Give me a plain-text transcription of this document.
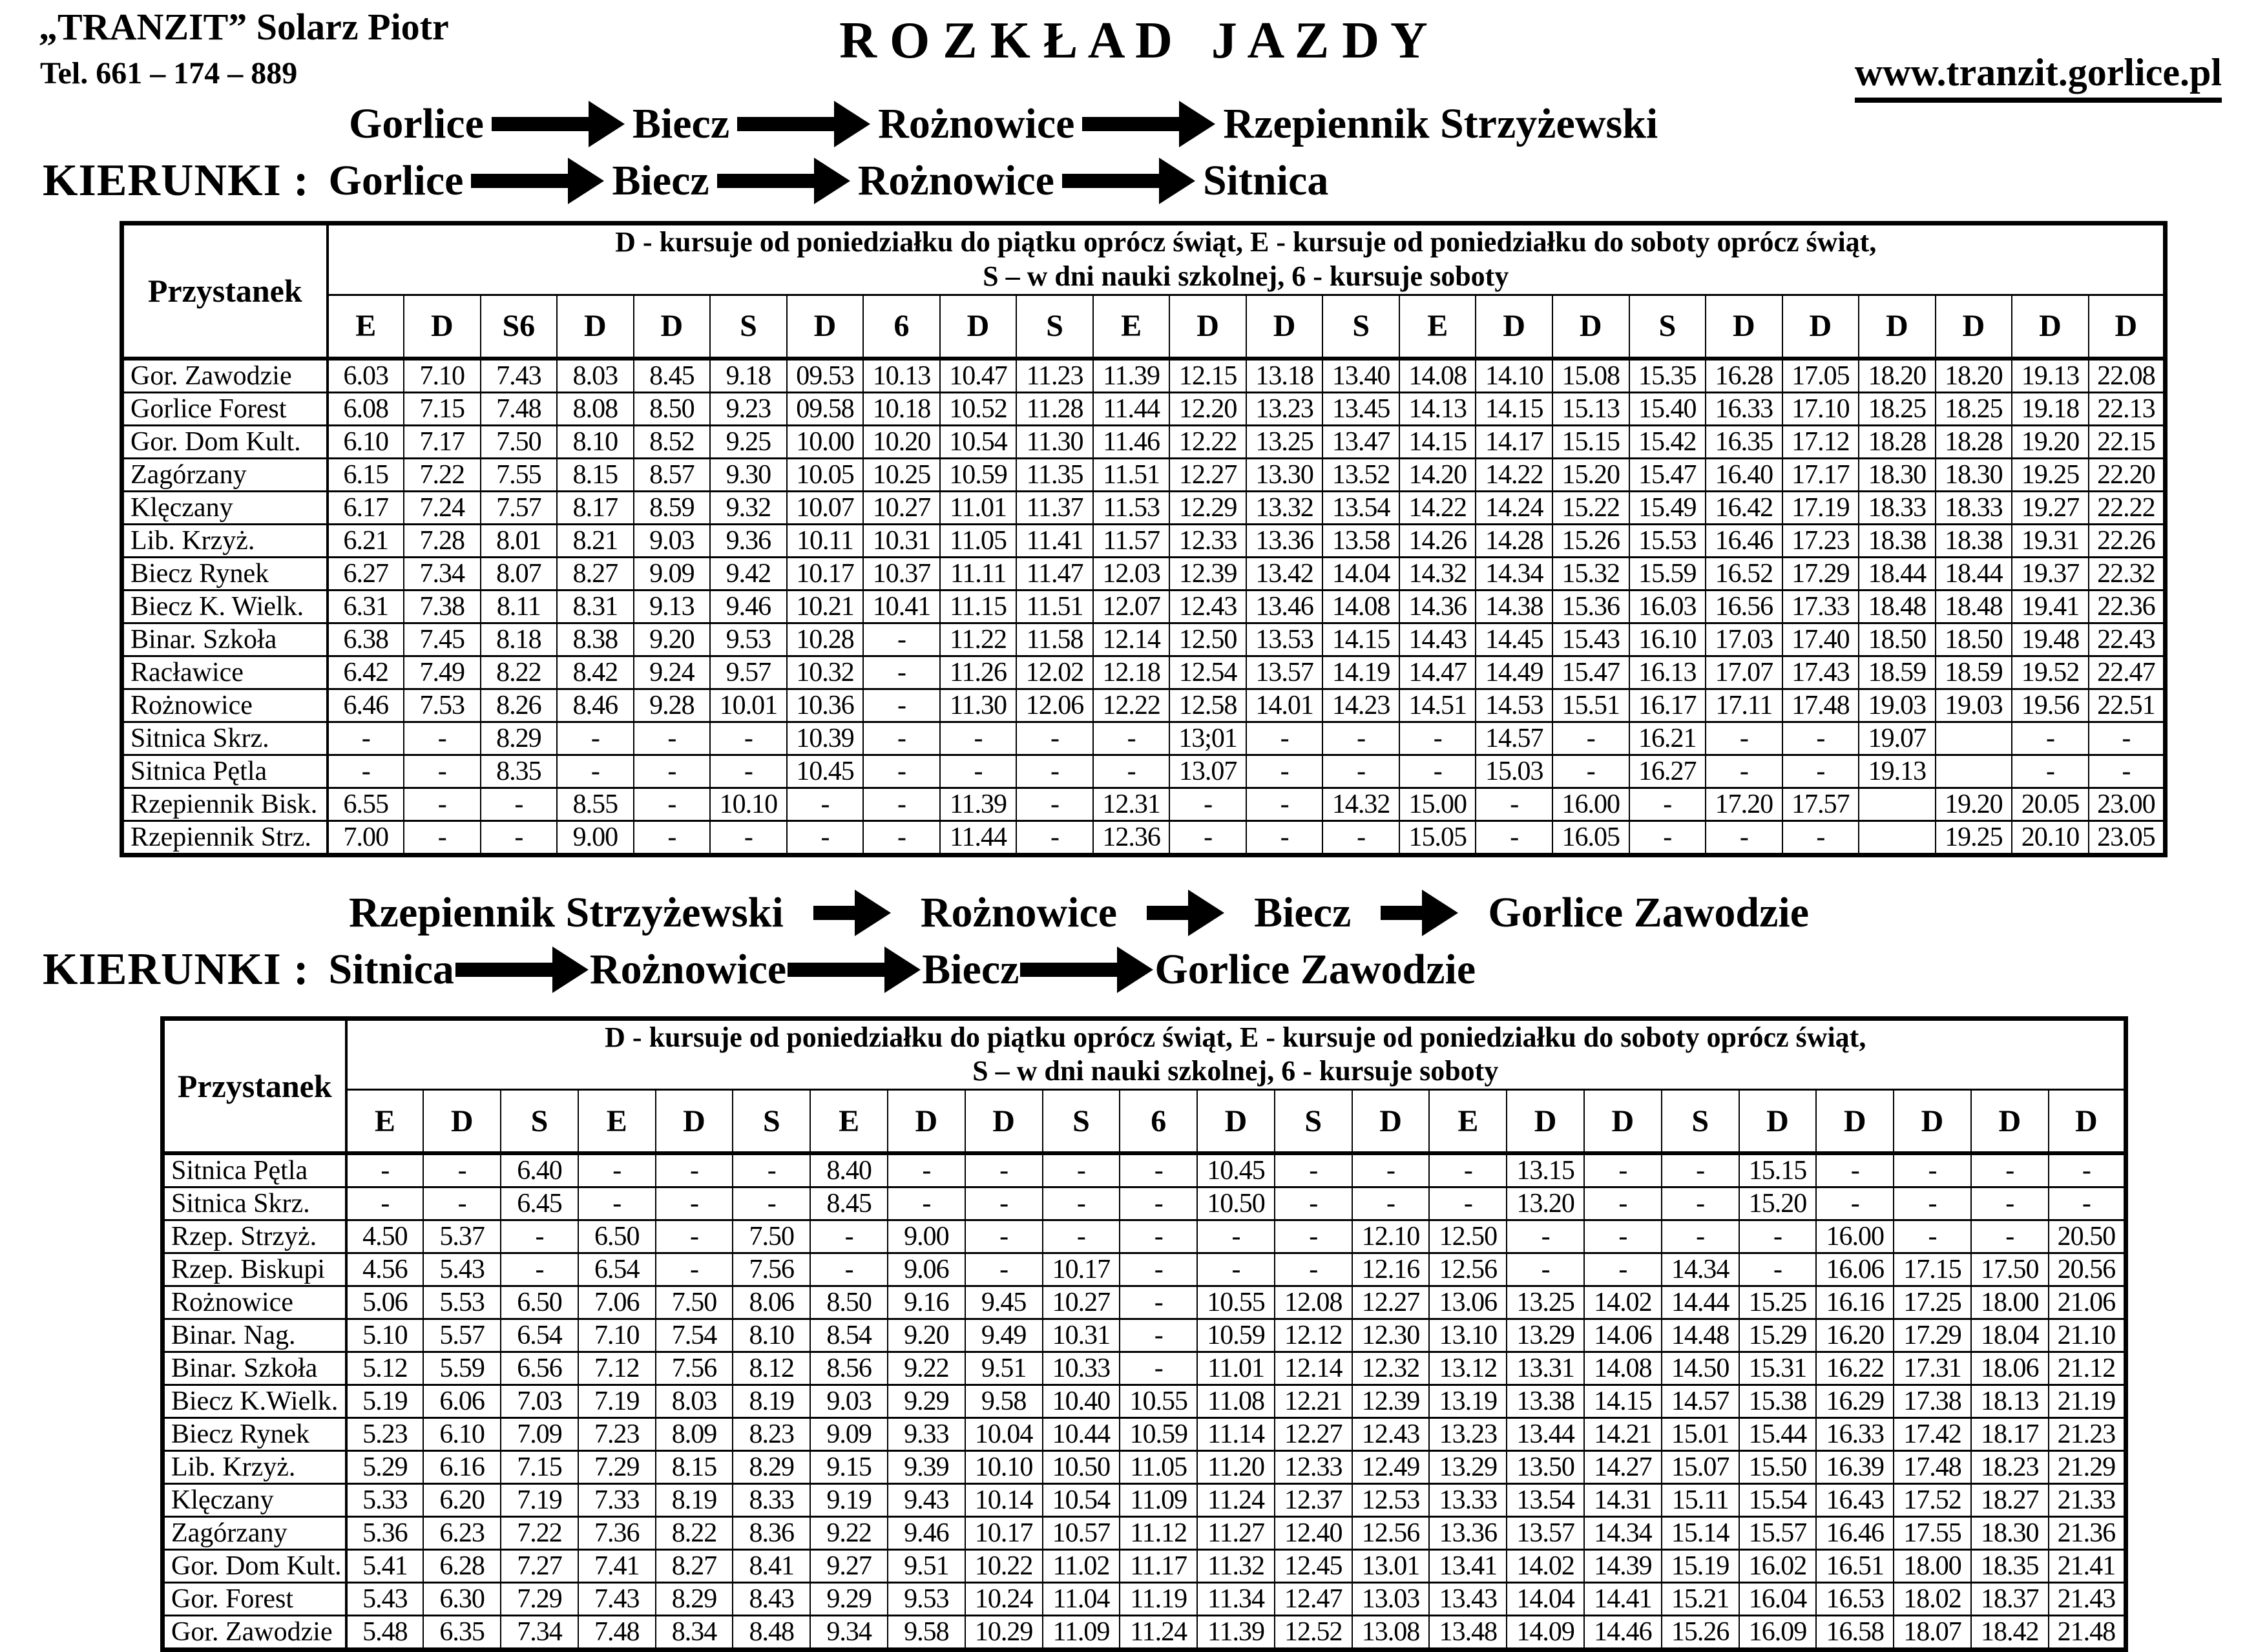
„TRANZIT” Solarz Piotr
Tel. 661 – 174 – 889
R O Z K Ł A D   J A Z D Y
www.tranzit.gorlice.pl
Gorlice	Biecz	Rożnowice	Rzepiennik Strzyżewski
KIERUNKI : Gorlice	Biecz	Rożnowice	Sitnica
Przystanek	D - kursuje od poniedziałku do piątku oprócz świąt, E - kursuje od poniedziałku do soboty oprócz świąt,
S – w dni nauki szkolnej, 6 - kursuje soboty																							

	E	D	S6	D	D	S	D	6	D	S	E	D	D	S	E	D	D	S	D	D	D	D	D	D
Gor. Zawodzie	6.03	7.10	7.43	8.03	8.45	9.18	09.53	10.13	10.47	11.23	11.39	12.15	13.18	13.40	14.08	14.10	15.08	15.35	16.28	17.05	18.20	18.20	19.13	22.08
Gorlice Forest	6.08	7.15	7.48	8.08	8.50	9.23	09.58	10.18	10.52	11.28	11.44	12.20	13.23	13.45	14.13	14.15	15.13	15.40	16.33	17.10	18.25	18.25	19.18	22.13
Gor. Dom Kult.	6.10	7.17	7.50	8.10	8.52	9.25	10.00	10.20	10.54	11.30	11.46	12.22	13.25	13.47	14.15	14.17	15.15	15.42	16.35	17.12	18.28	18.28	19.20	22.15
Zagórzany	6.15	7.22	7.55	8.15	8.57	9.30	10.05	10.25	10.59	11.35	11.51	12.27	13.30	13.52	14.20	14.22	15.20	15.47	16.40	17.17	18.30	18.30	19.25	22.20
Klęczany	6.17	7.24	7.57	8.17	8.59	9.32	10.07	10.27	11.01	11.37	11.53	12.29	13.32	13.54	14.22	14.24	15.22	15.49	16.42	17.19	18.33	18.33	19.27	22.22
Lib. Krzyż.	6.21	7.28	8.01	8.21	9.03	9.36	10.11	10.31	11.05	11.41	11.57	12.33	13.36	13.58	14.26	14.28	15.26	15.53	16.46	17.23	18.38	18.38	19.31	22.26
Biecz Rynek	6.27	7.34	8.07	8.27	9.09	9.42	10.17	10.37	11.11	11.47	12.03	12.39	13.42	14.04	14.32	14.34	15.32	15.59	16.52	17.29	18.44	18.44	19.37	22.32
Biecz K. Wielk.	6.31	7.38	8.11	8.31	9.13	9.46	10.21	10.41	11.15	11.51	12.07	12.43	13.46	14.08	14.36	14.38	15.36	16.03	16.56	17.33	18.48	18.48	19.41	22.36
Binar. Szkoła	6.38	7.45	8.18	8.38	9.20	9.53	10.28	-	11.22	11.58	12.14	12.50	13.53	14.15	14.43	14.45	15.43	16.10	17.03	17.40	18.50	18.50	19.48	22.43
Racławice	6.42	7.49	8.22	8.42	9.24	9.57	10.32	-	11.26	12.02	12.18	12.54	13.57	14.19	14.47	14.49	15.47	16.13	17.07	17.43	18.59	18.59	19.52	22.47
Rożnowice	6.46	7.53	8.26	8.46	9.28	10.01	10.36	-	11.30	12.06	12.22	12.58	14.01	14.23	14.51	14.53	15.51	16.17	17.11	17.48	19.03	19.03	19.56	22.51
Sitnica Skrz.	-	-	8.29	-	-	-	10.39	-	-	-	-	13;01	-	-	-	14.57	-	16.21	-	-	19.07		-	-
Sitnica Pętla	-	-	8.35	-	-	-	10.45	-	-	-	-	13.07	-	-	-	15.03	-	16.27	-	-	19.13		-	-
Rzepiennik Bisk.	6.55	-	-	8.55	-	10.10	-	-	11.39	-	12.31	-	-	14.32	15.00	-	16.00	-	17.20	17.57		19.20	20.05	23.00
Rzepiennik Strz.	7.00	-	-	9.00	-	-	-	-	11.44	-	12.36	-	-	-	15.05	-	16.05	-	-	-		19.25	20.10	23.05
Rzepiennik Strzyżewski	Rożnowice	Biecz	Gorlice Zawodzie
KIERUNKI : Sitnica	Rożnowice	Biecz	Gorlice Zawodzie
Przystanek	D - kursuje od poniedziałku do piątku oprócz świąt, E - kursuje od poniedziałku do soboty oprócz świąt,
S – w dni nauki szkolnej, 6 - kursuje soboty																						

	E	D	S	E	D	S	E	D	D	S	6	D	S	D	E	D	D	S	D	D	D	D	D
Sitnica Pętla	-	-	6.40	-	-	-	8.40	-	-	-	-	10.45	-	-	-	13.15	-	-	15.15	-	-	-	-
Sitnica Skrz.	-	-	6.45	-	-	-	8.45	-	-	-	-	10.50	-	-	-	13.20	-	-	15.20	-	-	-	-
Rzep. Strzyż.	4.50	5.37	-	6.50	-	7.50	-	9.00	-	-	-	-	-	12.10	12.50	-	-	-	-	16.00	-	-	20.50
Rzep. Biskupi	4.56	5.43	-	6.54	-	7.56	-	9.06	-	10.17	-	-	-	12.16	12.56	-	-	14.34	-	16.06	17.15	17.50	20.56
Rożnowice	5.06	5.53	6.50	7.06	7.50	8.06	8.50	9.16	9.45	10.27	-	10.55	12.08	12.27	13.06	13.25	14.02	14.44	15.25	16.16	17.25	18.00	21.06
Binar. Nag.	5.10	5.57	6.54	7.10	7.54	8.10	8.54	9.20	9.49	10.31	-	10.59	12.12	12.30	13.10	13.29	14.06	14.48	15.29	16.20	17.29	18.04	21.10
Binar. Szkoła	5.12	5.59	6.56	7.12	7.56	8.12	8.56	9.22	9.51	10.33	-	11.01	12.14	12.32	13.12	13.31	14.08	14.50	15.31	16.22	17.31	18.06	21.12
Biecz K.Wielk.	5.19	6.06	7.03	7.19	8.03	8.19	9.03	9.29	9.58	10.40	10.55	11.08	12.21	12.39	13.19	13.38	14.15	14.57	15.38	16.29	17.38	18.13	21.19
Biecz Rynek	5.23	6.10	7.09	7.23	8.09	8.23	9.09	9.33	10.04	10.44	10.59	11.14	12.27	12.43	13.23	13.44	14.21	15.01	15.44	16.33	17.42	18.17	21.23
Lib. Krzyż.	5.29	6.16	7.15	7.29	8.15	8.29	9.15	9.39	10.10	10.50	11.05	11.20	12.33	12.49	13.29	13.50	14.27	15.07	15.50	16.39	17.48	18.23	21.29
Klęczany	5.33	6.20	7.19	7.33	8.19	8.33	9.19	9.43	10.14	10.54	11.09	11.24	12.37	12.53	13.33	13.54	14.31	15.11	15.54	16.43	17.52	18.27	21.33
Zagórzany	5.36	6.23	7.22	7.36	8.22	8.36	9.22	9.46	10.17	10.57	11.12	11.27	12.40	12.56	13.36	13.57	14.34	15.14	15.57	16.46	17.55	18.30	21.36
Gor. Dom Kult.	5.41	6.28	7.27	7.41	8.27	8.41	9.27	9.51	10.22	11.02	11.17	11.32	12.45	13.01	13.41	14.02	14.39	15.19	16.02	16.51	18.00	18.35	21.41
Gor. Forest	5.43	6.30	7.29	7.43	8.29	8.43	9.29	9.53	10.24	11.04	11.19	11.34	12.47	13.03	13.43	14.04	14.41	15.21	16.04	16.53	18.02	18.37	21.43
Gor. Zawodzie	5.48	6.35	7.34	7.48	8.34	8.48	9.34	9.58	10.29	11.09	11.24	11.39	12.52	13.08	13.48	14.09	14.46	15.26	16.09	16.58	18.07	18.42	21.48
